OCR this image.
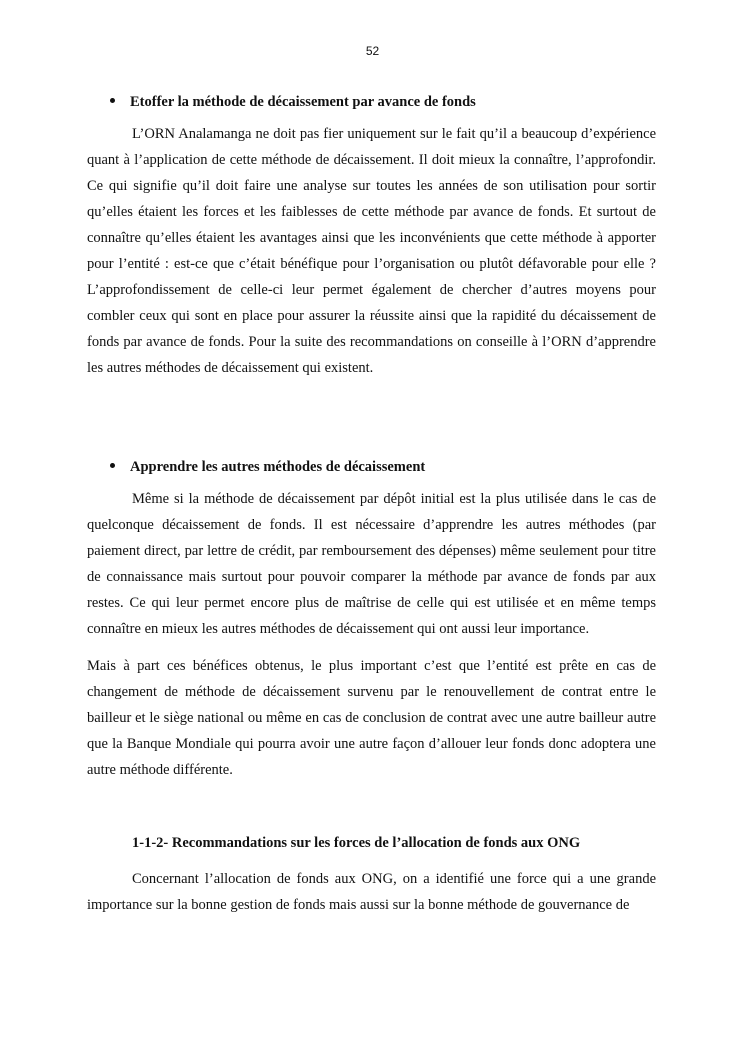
52
Etoffer la méthode de décaissement par avance de fonds

L’ORN Analamanga ne doit pas fier uniquement sur le fait qu’il a beaucoup d’expérience quant à l’application de cette méthode de décaissement. Il doit mieux la connaître, l’approfondir. Ce qui signifie qu’il doit faire une analyse sur toutes les années de son utilisation pour sortir qu’elles étaient les forces et les faiblesses de cette méthode par avance de fonds. Et surtout de connaître qu’elles étaient les avantages ainsi que les inconvénients que cette méthode à apporter pour l’entité : est-ce que c’était bénéfique pour l’organisation ou plutôt défavorable pour elle ? L’approfondissement de celle-ci leur permet également de chercher d’autres moyens pour combler ceux qui sont en place pour assurer la réussite ainsi que la rapidité du décaissement de fonds par avance de fonds. Pour la suite des recommandations on conseille à l’ORN d’apprendre les autres méthodes de décaissement qui existent.

Apprendre les autres méthodes de décaissement

Même si la méthode de décaissement par dépôt initial est la plus utilisée dans le cas de quelconque décaissement de fonds. Il est nécessaire d’apprendre les autres méthodes (par paiement direct, par lettre de crédit, par remboursement des dépenses) même seulement pour titre de connaissance mais surtout pour pouvoir comparer la méthode par avance de fonds par aux restes. Ce qui leur permet encore plus de maîtrise de celle qui est utilisée et en même temps connaître en mieux les autres méthodes de décaissement qui ont aussi leur importance.

Mais à part ces bénéfices obtenus, le plus important c’est que l’entité est prête en cas de changement de méthode de décaissement survenu par le renouvellement de contrat entre le bailleur et le siège national ou même en cas de conclusion de contrat avec une autre bailleur autre que la Banque Mondiale qui pourra avoir une autre façon d’allouer leur fonds donc adoptera une autre méthode différente.

1-1-2- Recommandations sur les forces de l’allocation de fonds aux ONG

Concernant l’allocation de fonds aux ONG, on a identifié une force qui a une grande importance sur la bonne gestion de fonds mais aussi sur la bonne méthode de gouvernance de
